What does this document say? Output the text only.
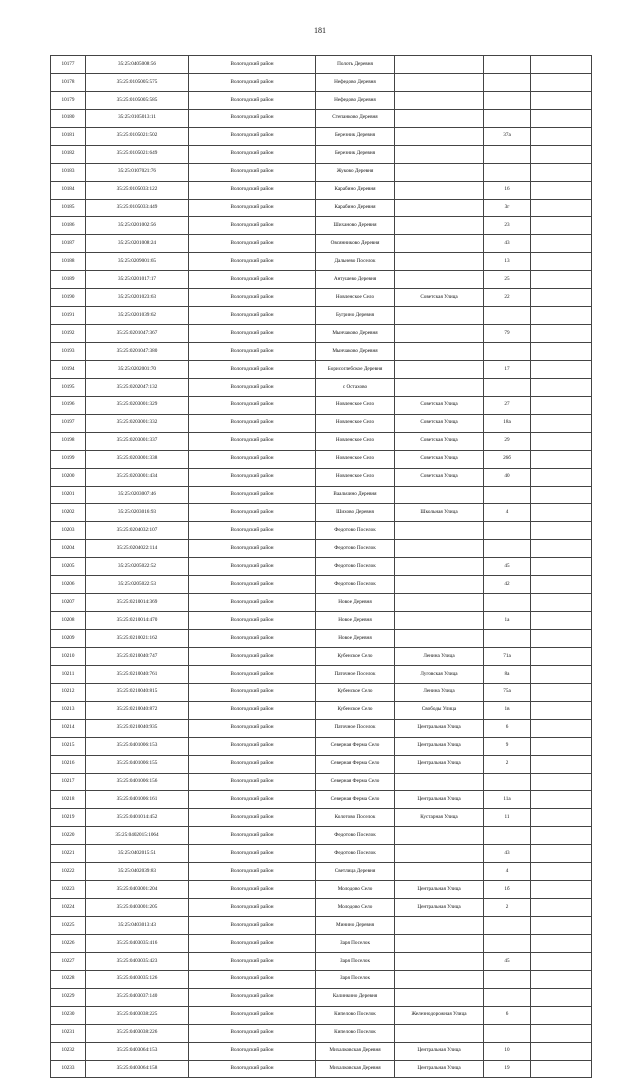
181
10177	35:25:0405008:56	Вологодский район	Полоть Деревня			
10178	35:25:0105005:575	Вологодский район	Нефедово Деревня			
10179	35:25:0105005:585	Вологодский район	Нефедово Деревня			
10180	35:25:0105013:11	Вологодский район	Степанково Деревня			
10181	35:25:0105021:502	Вологодский район	Березник Деревня		37а	
10182	35:25:0105021:649	Вологодский район	Березник Деревня			
10183	35:25:0107021:76	Вологодский район	Жуково Деревня			
10184	35:25:0105033:122	Вологодский район	Карабино Деревня		16	
10185	35:25:0105033:449	Вологодский район	Карабино Деревня		3г	
10186	35:25:0201002:56	Вологодский район	Шиханово Деревня		23	
10187	35:25:0201008:24	Вологодский район	Овсянниково Деревня		43	
10188	35:25:0209001:65	Вологодский район	Дальнево Поселок		13	
10189	35:25:0201017:17	Вологодский район	Антушево Деревня		25	
10190	35:25:0201023:63	Вологодский район	Новленское Село	Советская Улица	22	
10191	35:25:0201039:62	Вологодский район	Бугрино Деревня			
10192	35:25:0201047:367	Вологодский район	Мынчаково Деревня		79	
10193	35:25:0201047:380	Вологодский район	Мынчаково Деревня			
10194	35:25:0202001:70	Вологодский район	Борисоглебское Деревня		17	
10195	35:25:0202047:132	Вологодский район	с Остахово			
10196	35:25:0203001:329	Вологодский район	Новленское Село	Советская Улица	27	
10197	35:25:0203001:332	Вологодский район	Новленское Село	Советская Улица	18а	
10198	35:25:0203001:337	Вологодский район	Новленское Село	Советская Улица	29	
10199	35:25:0203001:338	Вологодский район	Новленское Село	Советская Улица	26б	
10200	35:25:0203001:434	Вологодский район	Новленское Село	Советская Улица	40	
10201	35:25:0203007:46	Вологодский район	Ваальчино Деревня			
10202	35:25:0203016:93	Вологодский район	Шихово Деревня	Школьная Улица	4	
10203	35:25:0204032:107	Вологодский район	Федотово Поселок			
10204	35:25:0204022:114	Вологодский район	Федотово Поселок			
10205	35:25:0205022:52	Вологодский район	Федотово Поселок		45	
10206	35:25:0205022:53	Вологодский район	Федотово Поселок		42	
10207	35:25:0210014:369	Вологодский район	Новое Деревня			
10208	35:25:0210014:470	Вологодский район	Новое Деревня		1а	
10209	35:25:0210021:162	Вологодский район	Новое Деревня			
10210	35:25:0210040:747	Вологодский район	Кубенское Село	Ленина Улица	71а	
10211	35:25:0210040:761	Вологодский район	Паточное Поселок	Луговская Улица	8а	
10212	35:25:0210040:815	Вологодский район	Кубенское Село	Ленина Улица	75а	
10213	35:25:0210040:872	Вологодский район	Кубенское Село	Свободы Улица	1в	
10214	35:25:0210040:935	Вологодский район	Паточное Поселок	Центральная Улица	6	
10215	35:25:0401006:153	Вологодский район	Северная Ферма Село	Центральная Улица	9	
10216	35:25:0401006:155	Вологодский район	Северная Ферма Село	Центральная Улица	2	
10217	35:25:0401006:156	Вологодский район	Северная Ферма Село			
10218	35:25:0401006:161	Вологодский район	Северная Ферма Село	Центральная Улица	11а	
10219	35:25:0401014:452	Вологодский район	Колотово Поселок	Кустарная Улица	11	
10220	35:25:0402015:1064	Вологодский район	Федотово Поселок			
10221	35:25:0402015:51	Вологодский район	Федотово Поселок		43	
10222	35:25:0402039:83	Вологодский район	Светлица Деревня		4	
10223	35:25:0403001:204	Вологодский район	Молодово Село	Центральная Улица	1б	
10224	35:25:0403001:205	Вологодский район	Молодово Село	Центральная Улица	2	
10225	35:25:0403013:43	Вологодский район	Минино Деревня			
10226	35:25:0403035:416	Вологодский район	Заря Поселок			
10227	35:25:0403035:423	Вологодский район	Заря Поселок		45	
10228	35:25:0403035:126	Вологодский район	Заря Поселок			
10229	35:25:0403037:140	Вологодский район	Калинкино Деревня			
10230	35:25:0403038:225	Вологодский район	Кипелово Поселок	Железнодорожная Улица	6	
10231	35:25:0403038:226	Вологодский район	Кипелово Поселок			
10232	35:25:0403064:153	Вологодский район	Михалковская Деревня	Центральная Улица	10	
10233	35:25:0403064:158	Вологодский район	Михалковская Деревня	Центральная Улица	19	
